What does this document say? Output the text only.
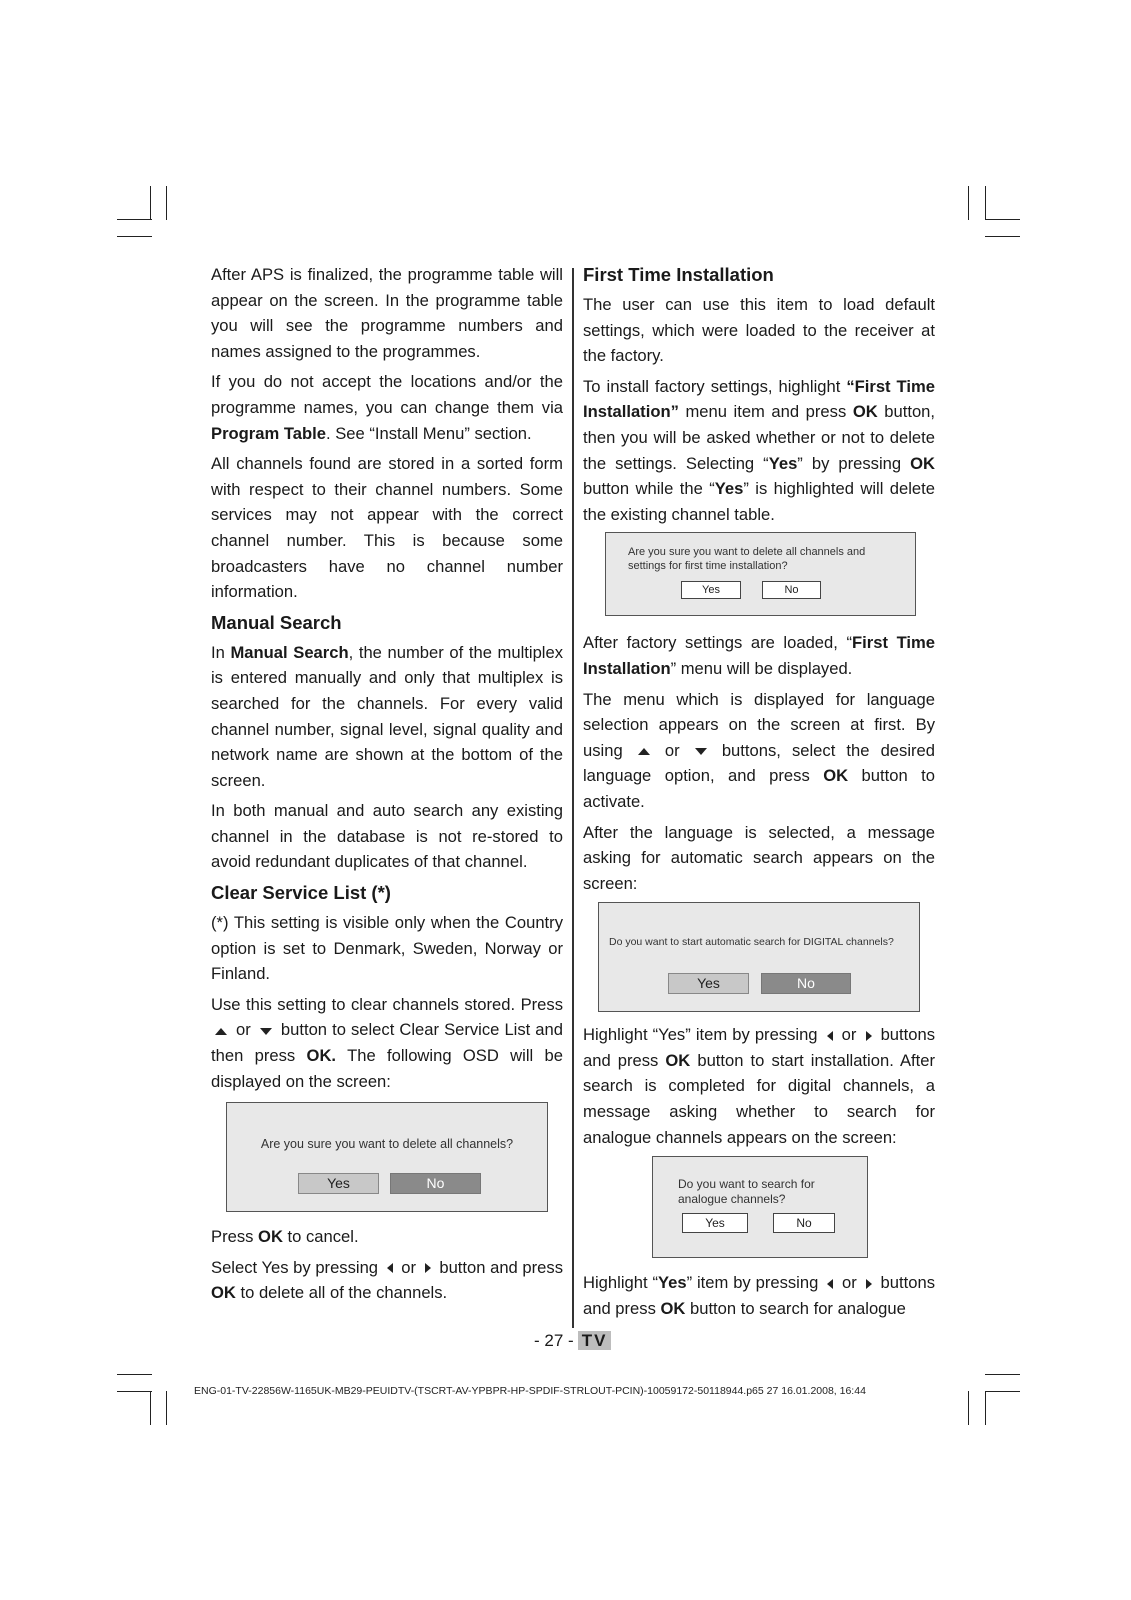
After APS is finalized, the programme table will appear on the screen. In the programme table you will see the programme numbers and names assigned to the programmes.

If you do not accept the locations and/or the programme names, you can change them via Program Table. See “Install Menu” section.

All channels found are stored in a sorted form with respect to their channel numbers. Some services may not appear with the correct channel number. This is because some broadcasters have no channel number information.

Manual Search

In Manual Search, the number of the multiplex is entered manually and only that multiplex is searched for the channels. For every valid channel number, signal level, signal quality and network name are shown at the bottom of the screen.

In both manual and auto search any existing channel in the database is not re-stored to avoid redundant duplicates of that channel.

Clear Service List (*)

(*) This setting is visible only when the Country option is set to Denmark, Sweden, Norway or Finland.

Use this setting to clear channels stored. Press  or  button to select Clear Service List and then press OK. The following OSD will be displayed on the screen:

Are you sure you want to delete all channels?
Yes	No

Press OK to cancel.

Select Yes by pressing  or  button and press OK to delete all of the channels.

First Time Installation

The user can use this item to load default settings, which were loaded to the receiver at the factory.

To install factory settings, highlight “First Time Installation” menu item and press OK button, then you will be asked whether or not to delete the settings. Selecting “Yes” by pressing OK button while the “Yes” is highlighted will delete the existing channel table.

Are you sure you want to delete all channels and settings for first time installation?
Yes	No

After factory settings are loaded, “First Time Installation” menu will be displayed.

The menu which is displayed for language selection appears on the screen at first. By using  or  buttons, select the desired language option, and press OK button to activate.

After the language is selected, a message asking for automatic search appears on the screen:

Do you want to start automatic search for DIGITAL channels?
Yes	No

Highlight “Yes” item by pressing  or  buttons and press OK button to start installation. After search is completed for digital channels, a message asking whether to search for analogue channels appears on the screen:

Do you want to search for analogue channels?
Yes	No

Highlight “Yes” item by pressing  or  buttons and press OK button to search for analogue

- 27 - TV
ENG-01-TV-22856W-1165UK-MB29-PEUIDTV-(TSCRT-AV-YPBPR-HP-SPDIF-STRLOUT-PCIN)-10059172-50118944.p65 27 16.01.2008, 16:44
